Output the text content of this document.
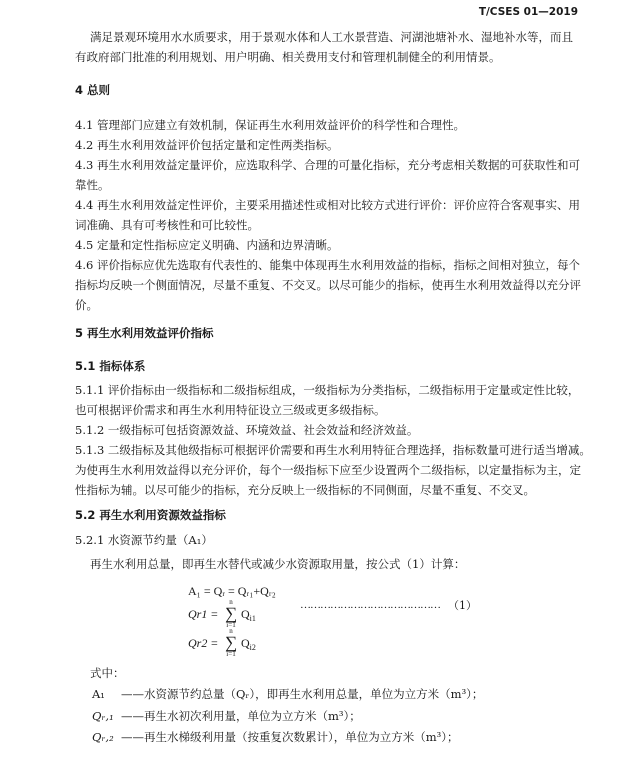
T/CSES 01—2019
满足景观环境用水水质要求，用于景观水体和人工水景营造、河湖池塘补水、湿地补水等，而且
有政府部门批准的利用规划、用户明确、相关费用支付和管理机制健全的利用情景。
4 总则
4.1 管理部门应建立有效机制，保证再生水利用效益评价的科学性和合理性。
4.2 再生水利用效益评价包括定量和定性两类指标。
4.3 再生水利用效益定量评价，应选取科学、合理的可量化指标，充分考虑相关数据的可获取性和可
靠性。
4.4 再生水利用效益定性评价，主要采用描述性或相对比较方式进行评价：评价应符合客观事实、用
词准确、具有可考核性和可比较性。
4.5 定量和定性指标应定义明确、内涵和边界清晰。
4.6 评价指标应优先选取有代表性的、能集中体现再生水利用效益的指标，指标之间相对独立，每个
指标均反映一个侧面情况，尽量不重复、不交叉。以尽可能少的指标，使再生水利用效益得以充分评
价。
5 再生水利用效益评价指标
5.1 指标体系
5.1.1 评价指标由一级指标和二级指标组成，一级指标为分类指标，二级指标用于定量或定性比较，
也可根据评价需求和再生水利用特征设立三级或更多级指标。
5.1.2 一级指标可包括资源效益、环境效益、社会效益和经济效益。
5.1.3 二级指标及其他级指标可根据评价需要和再生水利用特征合理选择，指标数量可进行适当增减。
为使再生水利用效益得以充分评价，每个一级指标下应至少设置两个二级指标，以定量指标为主，定
性指标为辅。以尽可能少的指标，充分反映上一级指标的不同侧面，尽量不重复、不交叉。
5.2 再生水利用资源效益指标
5.2.1 水资源节约量（A₁）
再生水利用总量，即再生水替代或减少水资源取用量，按公式（1）计算：
A₁ = Qᵣ = Qᵣ₁+Qᵣ₂
Qr1 =
n
∑
i=1
$Q_{i1}$
…………………………………… （1）
Qr2 =
n
∑
i=1
$Q_{i2}$
式中：
A₁ ——水资源节约总量（Qᵣ），即再生水利用总量，单位为立方米（m³）；
Qᵣ,₁ ——再生水初次利用量，单位为立方米（m³）；
Qᵣ,₂ ——再生水梯级利用量（按重复次数累计），单位为立方米（m³）；
